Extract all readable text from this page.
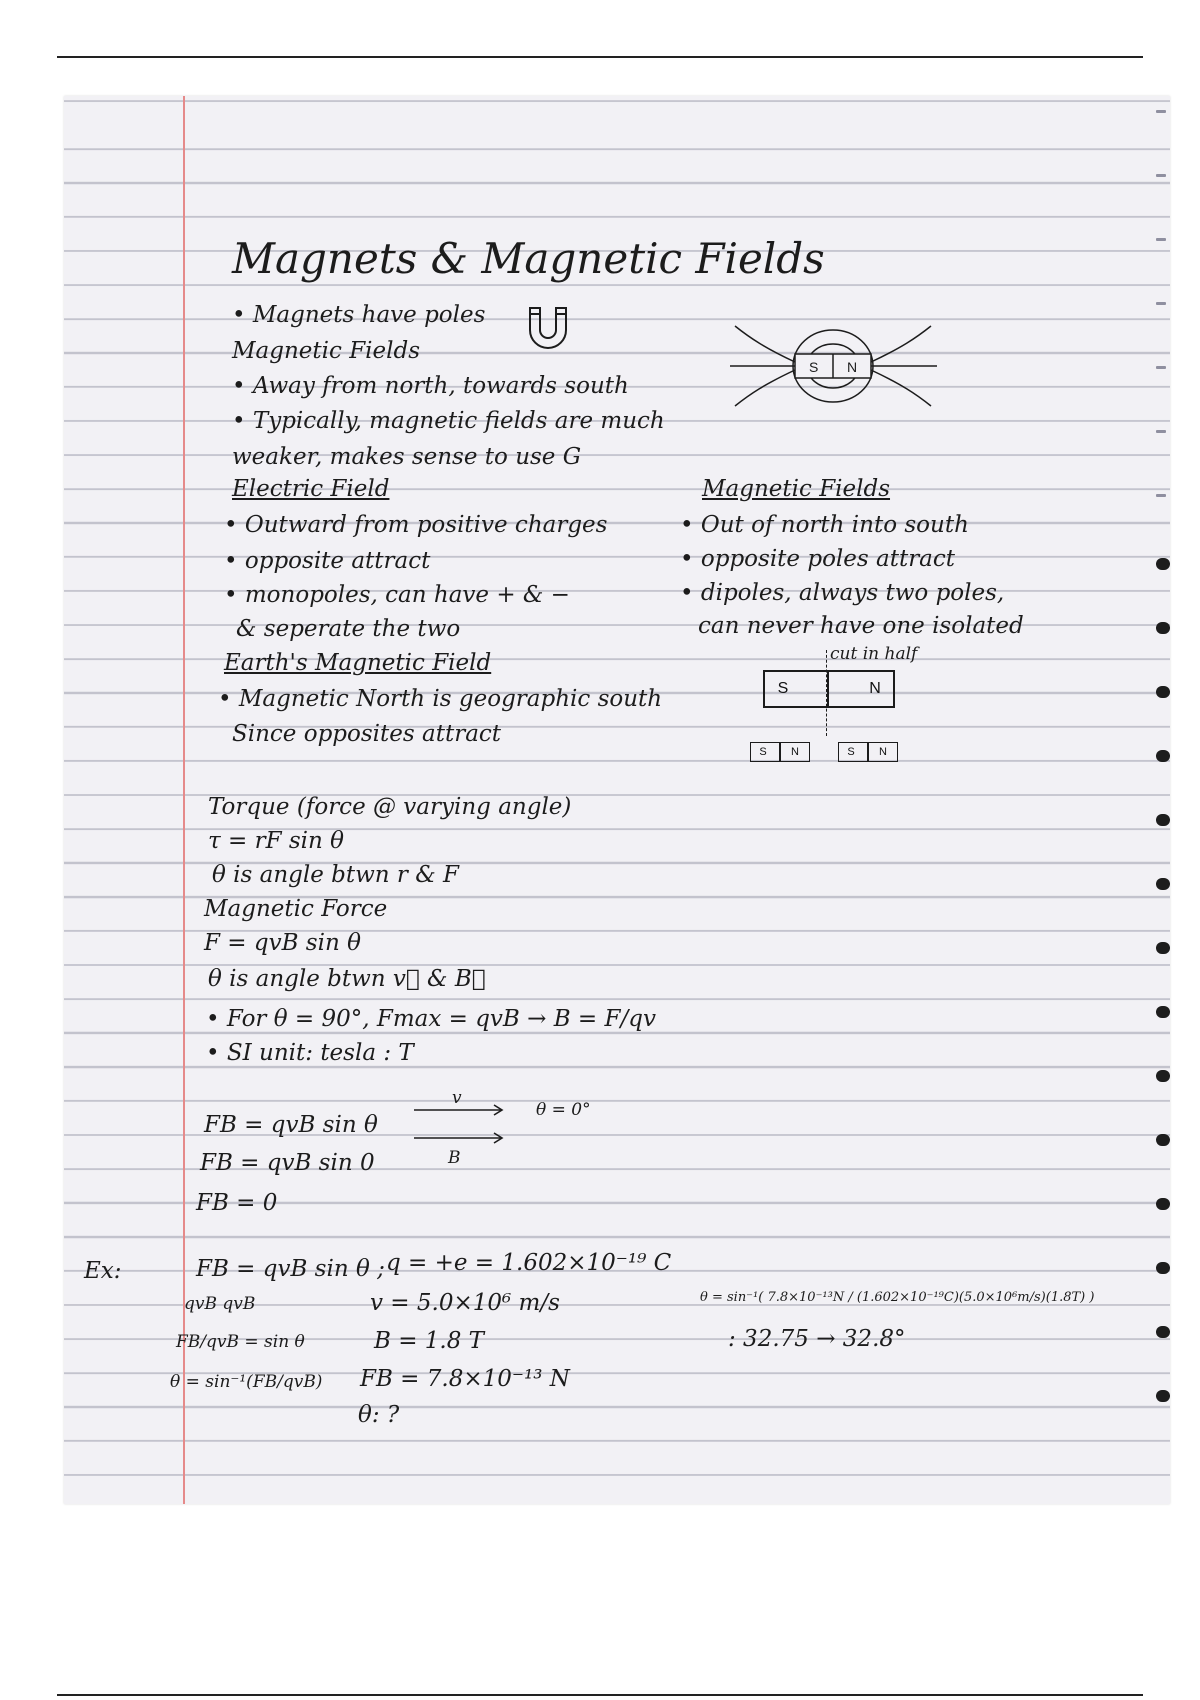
Magnets & Magnetic Fields

• Magnets have poles

Magnetic Fields

• Away from north, towards south

• Typically, magnetic fields are much

weaker, makes sense to use G

S N

Electric Field

• Outward from positive charges

• opposite attract

• monopoles, can have + & −

& seperate the two

Magnetic Fields

• Out of north into south

• opposite poles attract

• dipoles, always two poles,

can never have one isolated

cut in half

S	N
S	N	S	N

Earth's Magnetic Field

• Magnetic North is geographic south

Since opposites attract

Torque (force @ varying angle)

τ = rF sin θ

θ is angle btwn r & F

Magnetic Force

F = qvB sin θ

θ is angle btwn v⃗ & B⃗

• For θ = 90°, Fmax = qvB → B = F/qv

• SI unit: tesla : T

FB = qvB sin θ

FB = qvB sin 0

FB = 0

v

B

θ = 0°

Ex:	FB = qvB sin θ ; q = +e = 1.602×10⁻¹⁹ C

qvB qvB	v = 5.0×10⁶ m/s

FB/qvB = sin θ	B = 1.8 T

θ = sin⁻¹(FB/qvB) FB = 7.8×10⁻¹³ N

θ: ?

θ = sin⁻¹( 7.8×10⁻¹³N / (1.602×10⁻¹⁹C)(5.0×10⁶m/s)(1.8T) )

: 32.75 → 32.8°
